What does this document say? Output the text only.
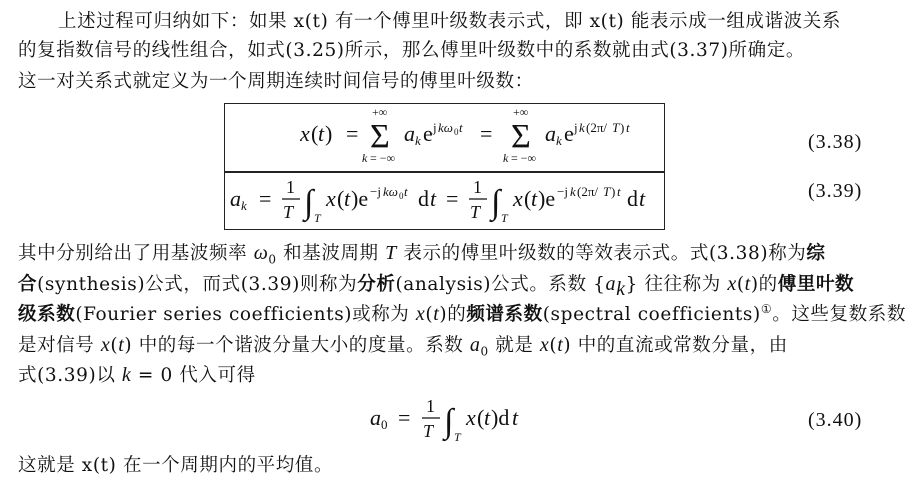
上述过程可归纳如下：如果 x(t) 有一个傅里叶级数表示式，即 x(t) 能表示成一组成谐波关系
的复指数信号的线性组合，如式(3.25)所示，那么傅里叶级数中的系数就由式(3.37)所确定。
这一对关系式就定义为一个周期连续时间信号的傅里叶级数：
x ( t ) =
+∞
Σ
k = −∞
a k e j kω 0 t =
+∞
Σ
k = −∞
a k e j k (2π/ T ) t
(3.38)
a k = 1
T ∫ T
x ( t )e −j kω 0 t d t = 1
T ∫ T
x ( t )e −j k (2π/ T ) t d t	(3.39)
其中分别给出了用基波频率 $\omega_0$ 和基波周期 T 表示的傅里叶级数的等效表示式。式(3.38)称为综
合(synthesis)公式，而式(3.39)则称为分析(analysis)公式。系数 $\{a_k\}$ 往往称为 x(t)的傅里叶数
级系数(Fourier series coefficients)或称为 x(t)的频谱系数(spectral coefficients)①。这些复数系数
是对信号 x(t) 中的每一个谐波分量大小的度量。系数 $a_0$ 就是 x(t) 中的直流或常数分量，由
式(3.39)以 k = 0 代入可得
a 0 = 1
T ∫ T
x ( t )d t	(3.40)
这就是 x(t) 在一个周期内的平均值。
